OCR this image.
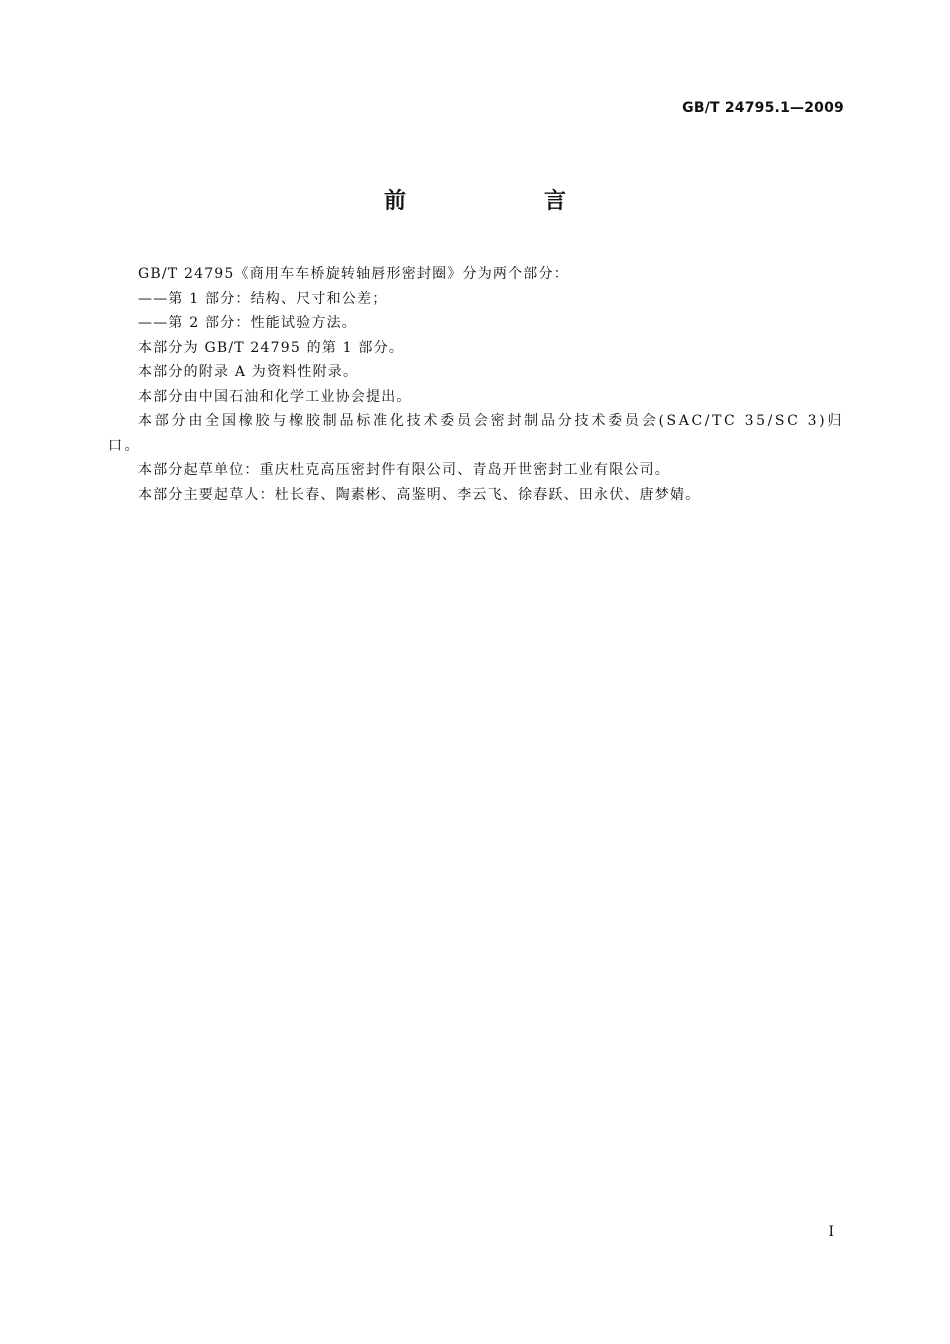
GB/T 24795.1—2009
前　言

GB/T 24795《商用车车桥旋转轴唇形密封圈》分为两个部分：

——第 1 部分：结构、尺寸和公差；

——第 2 部分：性能试验方法。

本部分为 GB/T 24795 的第 1 部分。

本部分的附录 A 为资料性附录。

本部分由中国石油和化学工业协会提出。

本部分由全国橡胶与橡胶制品标准化技术委员会密封制品分技术委员会(SAC/TC 35/SC 3)归口。

本部分起草单位：重庆杜克高压密封件有限公司、青岛开世密封工业有限公司。

本部分主要起草人：杜长春、陶素彬、高鉴明、李云飞、徐春跃、田永伏、唐梦婧。

I
